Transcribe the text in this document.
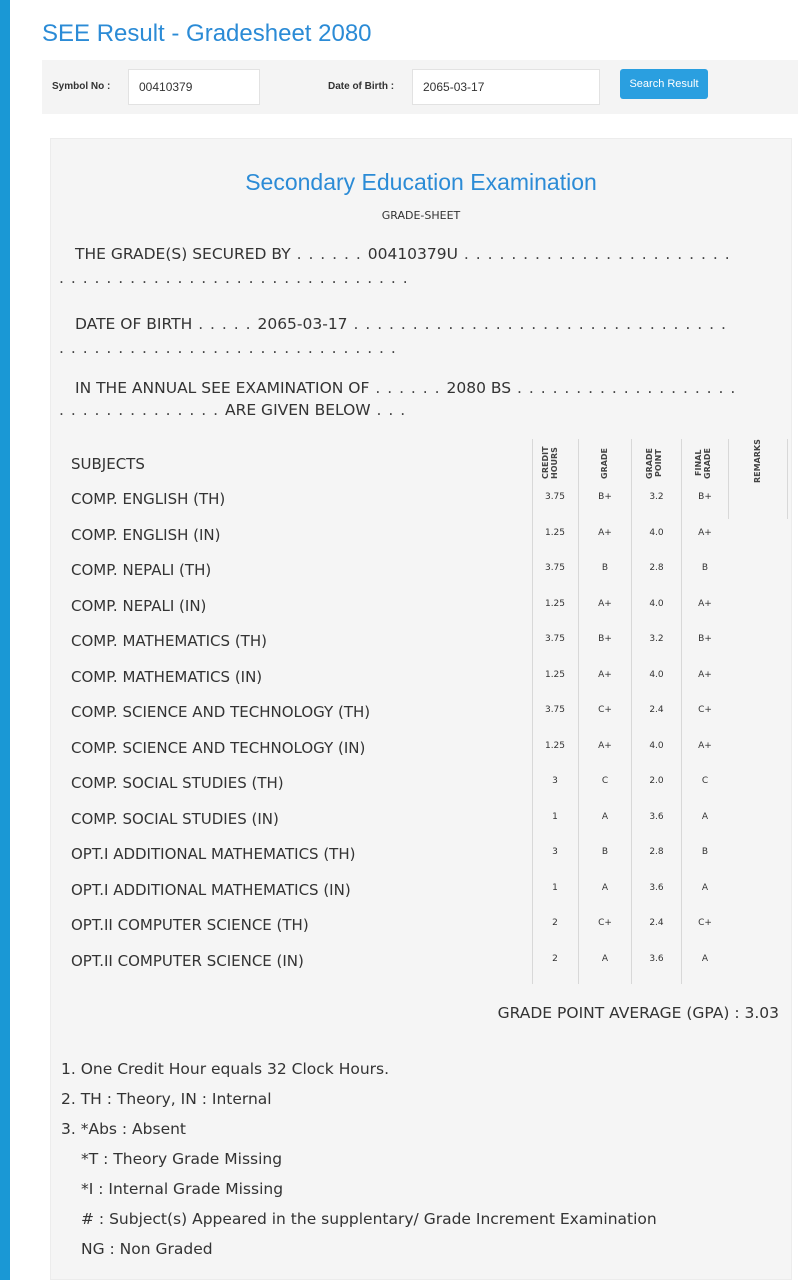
SEE Result - Gradesheet 2080
Symbol No :	00410379	Date of Birth :	2065-03-17	Search Result
Secondary Education Examination
GRADE-SHEET
THE GRADE(S) SECURED BY . . . . . . 00410379U . . . . . . . . . . . . . . . . . . . . . . .
. . . . . . . . . . . . . . . . . . . . . . . . . . . . . .
DATE OF BIRTH . . . . . 2065-03-17 . . . . . . . . . . . . . . . . . . . . . . . . . . . . . . . .
. . . . . . . . . . . . . . . . . . . . . . . . . . . . .
IN THE ANNUAL SEE EXAMINATION OF . . . . . . 2080 BS . . . . . . . . . . . . . . . . . . .
. . . . . . . . . . . . . . ARE GIVEN BELOW . . .
SUBJECTS	CREDIT HOURS	GRADE	GRADE POINT	FINAL GRADE	REMARKS
COMP. ENGLISH (TH)	3.75	B+	3.2	B+
COMP. ENGLISH (IN)	1.25	A+	4.0	A+
COMP. NEPALI (TH)	3.75	B	2.8	B
COMP. NEPALI (IN)	1.25	A+	4.0	A+
COMP. MATHEMATICS (TH)	3.75	B+	3.2	B+
COMP. MATHEMATICS (IN)	1.25	A+	4.0	A+
COMP. SCIENCE AND TECHNOLOGY (TH)	3.75	C+	2.4	C+
COMP. SCIENCE AND TECHNOLOGY (IN)	1.25	A+	4.0	A+
COMP. SOCIAL STUDIES (TH)	3	C	2.0	C
COMP. SOCIAL STUDIES (IN)	1	A	3.6	A
OPT.I ADDITIONAL MATHEMATICS (TH)	3	B	2.8	B
OPT.I ADDITIONAL MATHEMATICS (IN)	1	A	3.6	A
OPT.II COMPUTER SCIENCE (TH)	2	C+	2.4	C+
OPT.II COMPUTER SCIENCE (IN)	2	A	3.6	A
GRADE POINT AVERAGE (GPA) : 3.03
1. One Credit Hour equals 32 Clock Hours.
2. TH : Theory, IN : Internal
3. *Abs : Absent
*T : Theory Grade Missing
*I : Internal Grade Missing
# : Subject(s) Appeared in the supplentary/ Grade Increment Examination
NG : Non Graded
